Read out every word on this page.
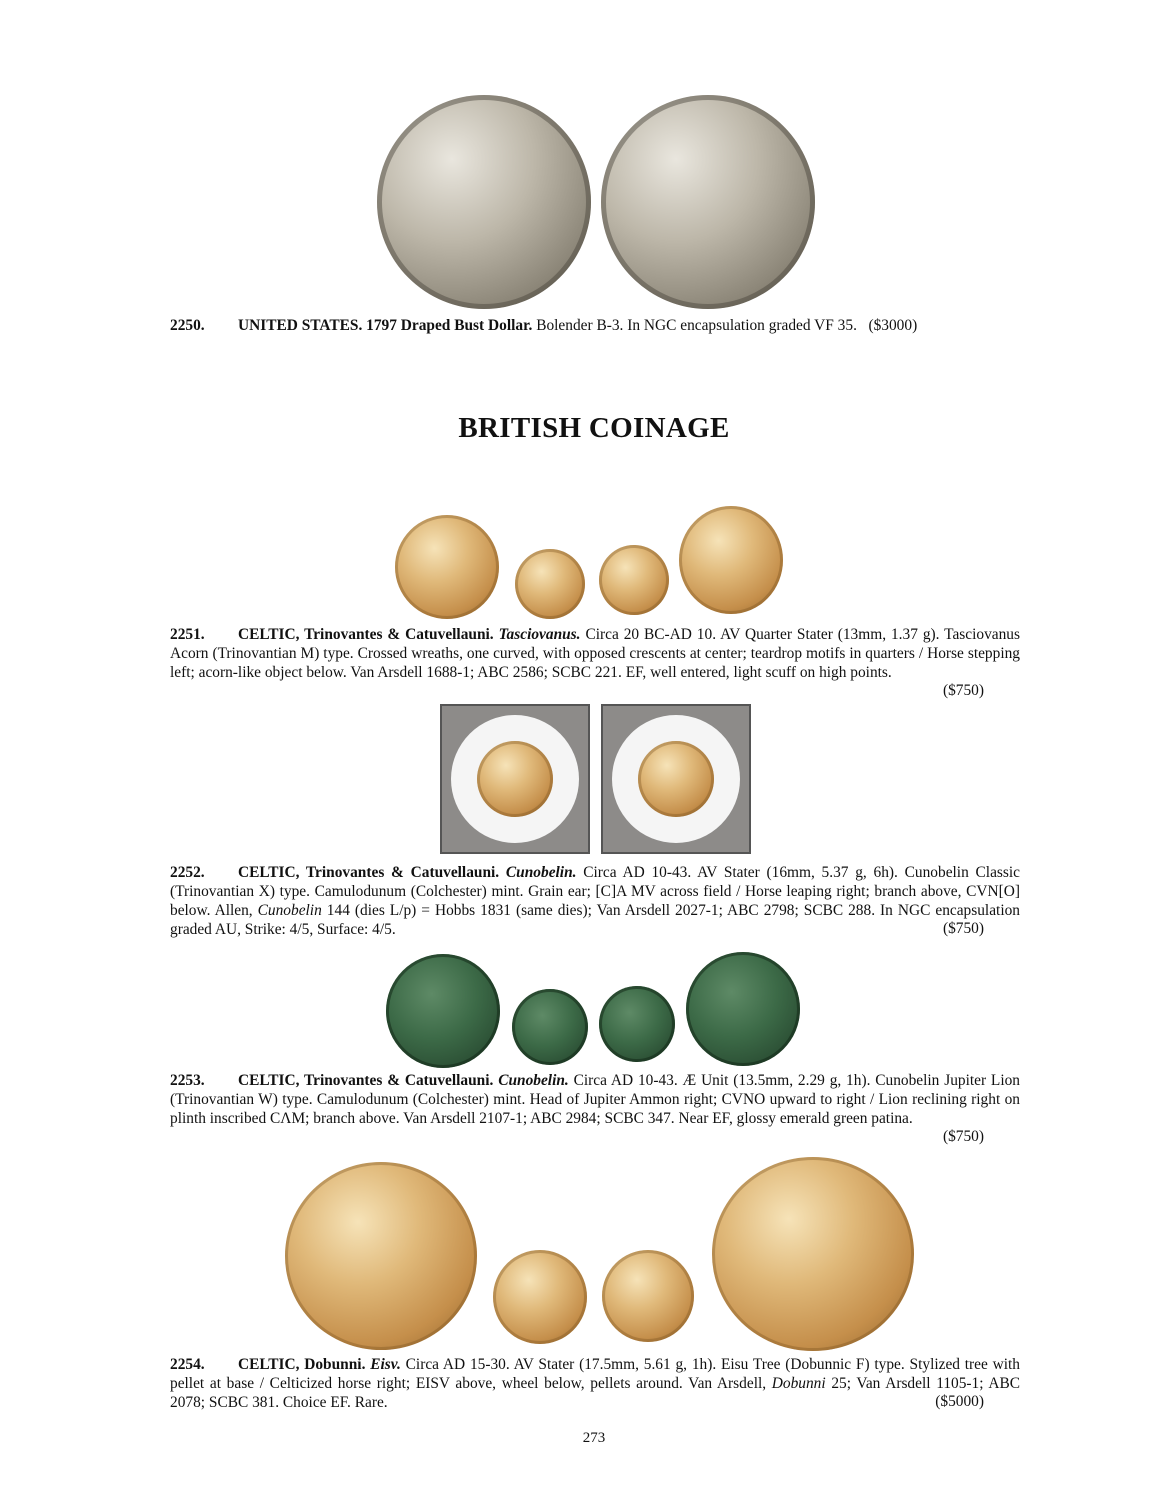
2250. UNITED STATES. 1797 Draped Bust Dollar. Bolender B-3. In NGC encapsulation graded VF 35. ($3000)
BRITISH COINAGE
2251. CELTIC, Trinovantes & Catuvellauni. Tasciovanus. Circa 20 BC-AD 10. AV Quarter Stater (13mm, 1.37 g). Tasciovanus Acorn (Trinovantian M) type. Crossed wreaths, one curved, with opposed crescents at center; teardrop motifs in quarters / Horse stepping left; acorn-like object below. Van Arsdell 1688-1; ABC 2586; SCBC 221. EF, well entered, light scuff on high points.
($750)
2252. CELTIC, Trinovantes & Catuvellauni. Cunobelin. Circa AD 10-43. AV Stater (16mm, 5.37 g, 6h). Cunobelin Classic (Trinovantian X) type. Camulodunum (Colchester) mint. Grain ear; [C]A MV across field / Horse leaping right; branch above, CVN[O] below. Allen, Cunobelin 144 (dies L/p) = Hobbs 1831 (same dies); Van Arsdell 2027-1; ABC 2798; SCBC 288. In NGC encapsulation graded AU, Strike: 4/5, Surface: 4/5.	($750)
2253. CELTIC, Trinovantes & Catuvellauni. Cunobelin. Circa AD 10-43. Æ Unit (13.5mm, 2.29 g, 1h). Cunobelin Jupiter Lion (Trinovantian W) type. Camulodunum (Colchester) mint. Head of Jupiter Ammon right; CVNO upward to right / Lion reclining right on plinth inscribed CΛM; branch above. Van Arsdell 2107-1; ABC 2984; SCBC 347. Near EF, glossy emerald green patina.
($750)
2254. CELTIC, Dobunni. Eisv. Circa AD 15-30. AV Stater (17.5mm, 5.61 g, 1h). Eisu Tree (Dobunnic F) type. Stylized tree with pellet at base / Celticized horse right; EISV above, wheel below, pellets around. Van Arsdell, Dobunni 25; Van Arsdell 1105-1; ABC 2078; SCBC 381. Choice EF. Rare.	($5000)
273
